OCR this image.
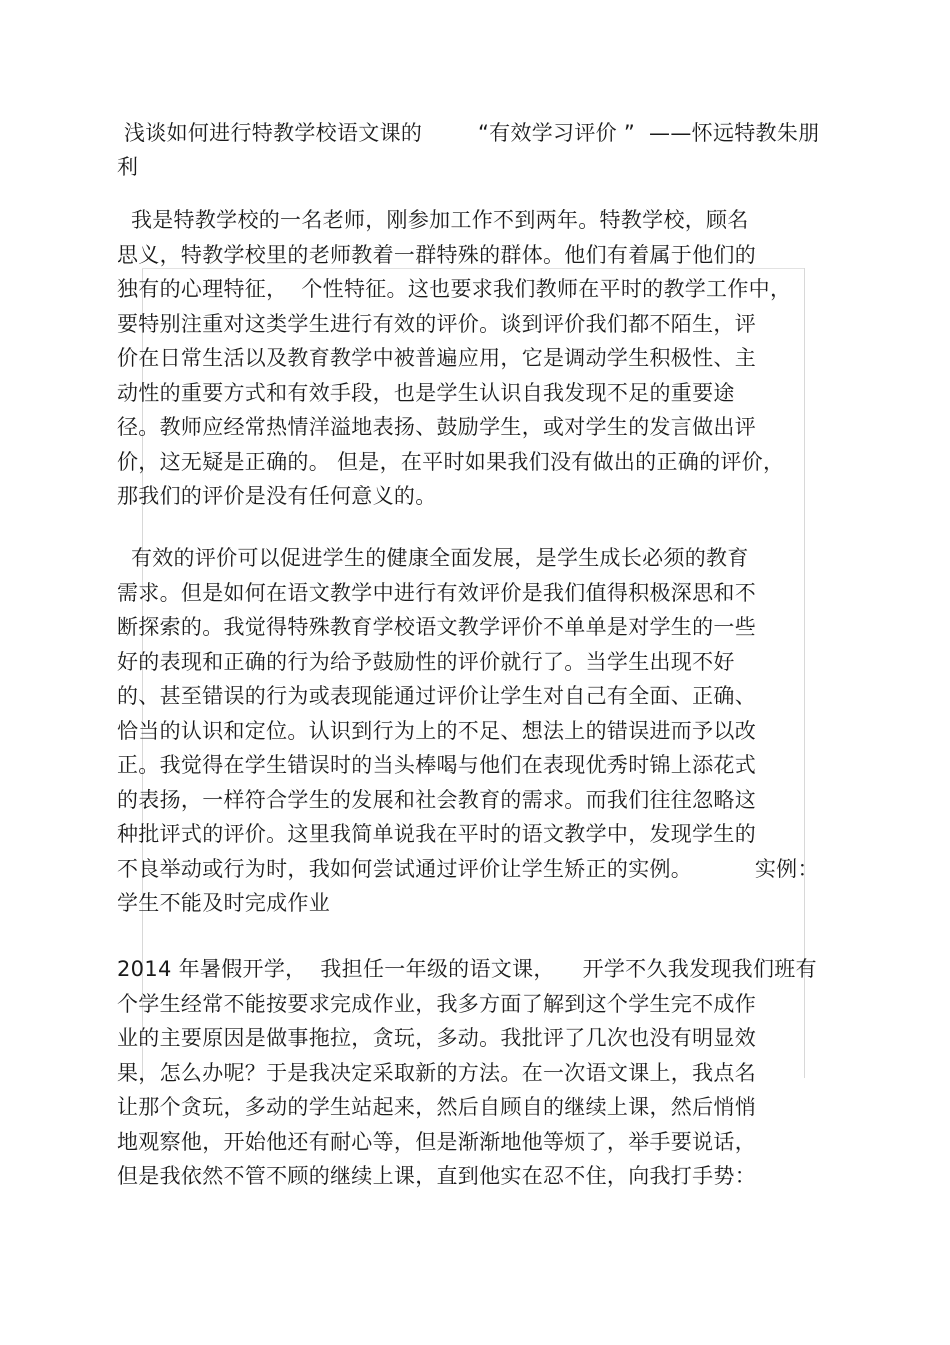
浅谈如何进行特教学校语文课的        “有效学习评价 ”  ——怀远特教朱朋
利
我是特教学校的一名老师，刚参加工作不到两年。特教学校，顾名
思义，特教学校里的老师教着一群特殊的群体。他们有着属于他们的
独有的心理特征，  个性特征。这也要求我们教师在平时的教学工作中，
要特别注重对这类学生进行有效的评价。谈到评价我们都不陌生，评
价在日常生活以及教育教学中被普遍应用，它是调动学生积极性、主
动性的重要方式和有效手段，也是学生认识自我发现不足的重要途
径。教师应经常热情洋溢地表扬、鼓励学生，或对学生的发言做出评
价，这无疑是正确的。 但是，在平时如果我们没有做出的正确的评价，
那我们的评价是没有任何意义的。
有效的评价可以促进学生的健康全面发展，是学生成长必须的教育
需求。但是如何在语文教学中进行有效评价是我们值得积极深思和不
断探索的。我觉得特殊教育学校语文教学评价不单单是对学生的一些
好的表现和正确的行为给予鼓励性的评价就行了。当学生出现不好
的、甚至错误的行为或表现能通过评价让学生对自己有全面、正确、
恰当的认识和定位。认识到行为上的不足、想法上的错误进而予以改
正。我觉得在学生错误时的当头棒喝与他们在表现优秀时锦上添花式
的表扬，一样符合学生的发展和社会教育的需求。而我们往往忽略这
种批评式的评价。这里我简单说我在平时的语文教学中，发现学生的
不良举动或行为时，我如何尝试通过评价让学生矫正的实例。         实例：
学生不能及时完成作业
2014 年暑假开学，  我担任一年级的语文课，    开学不久我发现我们班有
个学生经常不能按要求完成作业，我多方面了解到这个学生完不成作
业的主要原因是做事拖拉，贪玩，多动。我批评了几次也没有明显效
果，怎么办呢？于是我决定采取新的方法。在一次语文课上，我点名
让那个贪玩，多动的学生站起来，然后自顾自的继续上课，然后悄悄
地观察他，开始他还有耐心等，但是渐渐地他等烦了，举手要说话，
但是我依然不管不顾的继续上课，直到他实在忍不住，向我打手势：
